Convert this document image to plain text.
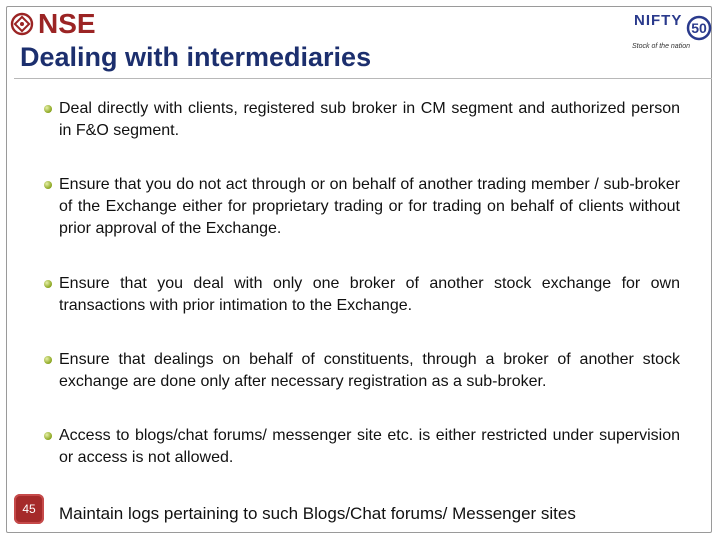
NSE
Dealing with intermediaries
NIFTY 50
Stock of the nation
Deal directly with clients, registered sub broker in CM segment and authorized person in F&O segment.
Ensure that you do not act through or on behalf of another trading member / sub-broker of the Exchange either for proprietary trading or for trading on behalf of clients without prior approval of the Exchange.
Ensure that you deal with only one broker of another stock exchange for own transactions with prior intimation to the Exchange.
Ensure that dealings on behalf of constituents, through a broker of another stock exchange are done only after necessary registration as a sub-broker.
Access to blogs/chat forums/ messenger site etc. is either restricted under supervision or access is not allowed.
45	Maintain logs pertaining to such Blogs/Chat forums/ Messenger sites
